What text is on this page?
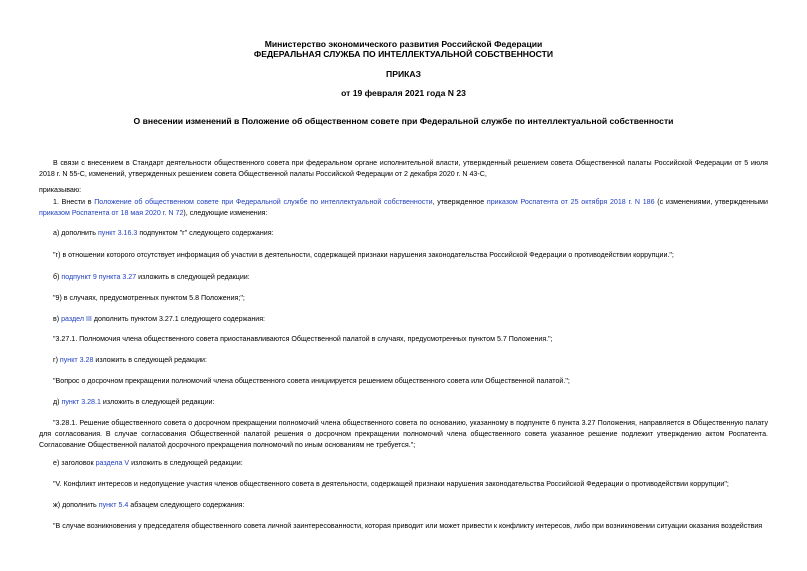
Министерство экономического развития Российской Федерации
ФЕДЕРАЛЬНАЯ СЛУЖБА ПО ИНТЕЛЛЕКТУАЛЬНОЙ СОБСТВЕННОСТИ
ПРИКАЗ
от 19 февраля 2021 года N 23
О внесении изменений в Положение об общественном совете при Федеральной службе по интеллектуальной собственности
В связи с внесением в Стандарт деятельности общественного совета при федеральном органе исполнительной власти, утвержденный решением совета Общественной палаты Российской Федерации от 5 июля 2018 г. N 55-С, изменений, утвержденных решением совета Общественной палаты Российской Федерации от 2 декабря 2020 г. N 43-С,
приказываю:
1. Внести в Положение об общественном совете при Федеральной службе по интеллектуальной собственности, утвержденное приказом Роспатента от 25 октября 2018 г. N 186 (с изменениями, утвержденными приказом Роспатента от 18 мая 2020 г. N 72), следующие изменения:
а) дополнить пункт 3.16.3 подпунктом "г" следующего содержания:
"г) в отношении которого отсутствует информация об участии в деятельности, содержащей признаки нарушения законодательства Российской Федерации о противодействии коррупции.";
б) подпункт 9 пункта 3.27 изложить в следующей редакции:
"9) в случаях, предусмотренных пунктом 5.8 Положения;";
в) раздел III дополнить пунктом 3.27.1 следующего содержания:
"3.27.1. Полномочия члена общественного совета приостанавливаются Общественной палатой в случаях, предусмотренных пунктом 5.7 Положения.";
г) пункт 3.28 изложить в следующей редакции:
"Вопрос о досрочном прекращении полномочий члена общественного совета инициируется решением общественного совета или Общественной палатой.";
д) пункт 3.28.1 изложить в следующей редакции:
"3.28.1. Решение общественного совета о досрочном прекращении полномочий члена общественного совета по основанию, указанному в подпункте 6 пункта 3.27 Положения, направляется в Общественную палату для согласования. В случае согласования Общественной палатой решения о досрочном прекращении полномочий члена общественного совета указанное решение подлежит утверждению актом Роспатента. Согласование Общественной палатой досрочного прекращения полномочий по иным основаниям не требуется.";
е) заголовок раздела V изложить в следующей редакции:
"V. Конфликт интересов и недопущение участия членов общественного совета в деятельности, содержащей признаки нарушения законодательства Российской Федерации о противодействии коррупции";
ж) дополнить пункт 5.4 абзацем следующего содержания:
"В случае возникновения у председателя общественного совета личной заинтересованности, которая приводит или может привести к конфликту интересов, либо при возникновении ситуации оказания воздействия
